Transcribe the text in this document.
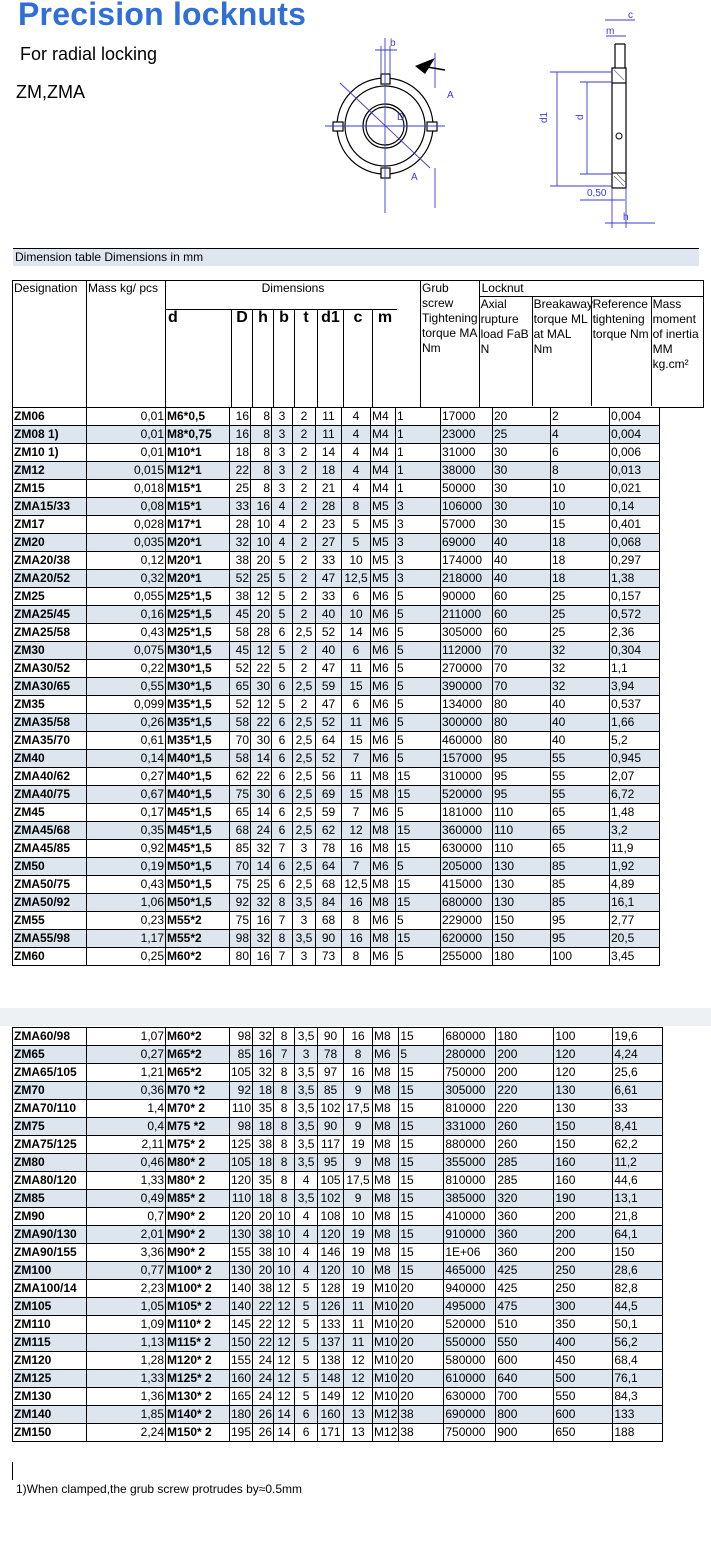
Precision locknuts
For radial locking
ZM,ZMA
b
A
A
D
c
m
d1	d
0,50
h
Dimension table Dimensions in mm
Designation	Mass kg/ pcs	Dimensions
d	D h b t d1 c m
	Grub screw
Tightening torque MA Nm	
Locknut
Axial rupture load FaB N
Breakaway torque ML at MAL Nm
Reference tightening torque Nm
Mass moment of inertia MM kg.cm²
ZM06	0,01	M6*0,5	16	8	3	2	11	4	M4	1	17000	20	2	0,004
ZM08 1)	0,01	M8*0,75	16	8	3	2	11	4	M4	1	23000	25	4	0,004
ZM10 1)	0,01	M10*1	18	8	3	2	14	4	M4	1	31000	30	6	0,006
ZM12	0,015	M12*1	22	8	3	2	18	4	M4	1	38000	30	8	0,013
ZM15	0,018	M15*1	25	8	3	2	21	4	M4	1	50000	30	10	0,021
ZMA15/33	0,08	M15*1	33	16	4	2	28	8	M5	3	106000	30	10	0,14
ZM17	0,028	M17*1	28	10	4	2	23	5	M5	3	57000	30	15	0,401
ZM20	0,035	M20*1	32	10	4	2	27	5	M5	3	69000	40	18	0,068
ZMA20/38	0,12	M20*1	38	20	5	2	33	10	M5	3	174000	40	18	0,297
ZMA20/52	0,32	M20*1	52	25	5	2	47	12,5	M5	3	218000	40	18	1,38
ZM25	0,055	M25*1,5	38	12	5	2	33	6	M6	5	90000	60	25	0,157
ZMA25/45	0,16	M25*1,5	45	20	5	2	40	10	M6	5	211000	60	25	0,572
ZMA25/58	0,43	M25*1,5	58	28	6	2,5	52	14	M6	5	305000	60	25	2,36
ZM30	0,075	M30*1,5	45	12	5	2	40	6	M6	5	112000	70	32	0,304
ZMA30/52	0,22	M30*1,5	52	22	5	2	47	11	M6	5	270000	70	32	1,1
ZMA30/65	0,55	M30*1,5	65	30	6	2,5	59	15	M6	5	390000	70	32	3,94
ZM35	0,099	M35*1,5	52	12	5	2	47	6	M6	5	134000	80	40	0,537
ZMA35/58	0,26	M35*1,5	58	22	6	2,5	52	11	M6	5	300000	80	40	1,66
ZMA35/70	0,61	M35*1,5	70	30	6	2,5	64	15	M6	5	460000	80	40	5,2
ZM40	0,14	M40*1,5	58	14	6	2,5	52	7	M6	5	157000	95	55	0,945
ZMA40/62	0,27	M40*1,5	62	22	6	2,5	56	11	M8	15	310000	95	55	2,07
ZMA40/75	0,67	M40*1,5	75	30	6	2,5	69	15	M8	15	520000	95	55	6,72
ZM45	0,17	M45*1,5	65	14	6	2,5	59	7	M6	5	181000	110	65	1,48
ZMA45/68	0,35	M45*1,5	68	24	6	2,5	62	12	M8	15	360000	110	65	3,2
ZMA45/85	0,92	M45*1,5	85	32	7	3	78	16	M8	15	630000	110	65	11,9
ZM50	0,19	M50*1,5	70	14	6	2,5	64	7	M6	5	205000	130	85	1,92
ZMA50/75	0,43	M50*1,5	75	25	6	2,5	68	12,5	M8	15	415000	130	85	4,89
ZMA50/92	1,06	M50*1,5	92	32	8	3,5	84	16	M8	15	680000	130	85	16,1
ZM55	0,23	M55*2	75	16	7	3	68	8	M6	5	229000	150	95	2,77
ZMA55/98	1,17	M55*2	98	32	8	3,5	90	16	M8	15	620000	150	95	20,5
ZM60	0,25	M60*2	80	16	7	3	73	8	M6	5	255000	180	100	3,45
ZMA60/98	1,07	M60*2	98	32	8	3,5	90	16	M8	15	680000	180	100	19,6
ZM65	0,27	M65*2	85	16	7	3	78	8	M6	5	280000	200	120	4,24
ZMA65/105	1,21	M65*2	105	32	8	3,5	97	16	M8	15	750000	200	120	25,6
ZM70	0,36	M70 *2	92	18	8	3,5	85	9	M8	15	305000	220	130	6,61
ZMA70/110	1,4	M70* 2	110	35	8	3,5	102	17,5	M8	15	810000	220	130	33
ZM75	0,4	M75 *2	98	18	8	3,5	90	9	M8	15	331000	260	150	8,41
ZMA75/125	2,11	M75* 2	125	38	8	3,5	117	19	M8	15	880000	260	150	62,2
ZM80	0,46	M80* 2	105	18	8	3,5	95	9	M8	15	355000	285	160	11,2
ZMA80/120	1,33	M80* 2	120	35	8	4	105	17,5	M8	15	810000	285	160	44,6
ZM85	0,49	M85* 2	110	18	8	3,5	102	9	M8	15	385000	320	190	13,1
ZM90	0,7	M90* 2	120	20	10	4	108	10	M8	15	410000	360	200	21,8
ZMA90/130	2,01	M90* 2	130	38	10	4	120	19	M8	15	910000	360	200	64,1
ZMA90/155	3,36	M90* 2	155	38	10	4	146	19	M8	15	1E+06	360	200	150
ZM100	0,77	M100* 2	130	20	10	4	120	10	M8	15	465000	425	250	28,6
ZMA100/14	2,23	M100* 2	140	38	12	5	128	19	M10	20	940000	425	250	82,8
ZM105	1,05	M105* 2	140	22	12	5	126	11	M10	20	495000	475	300	44,5
ZM110	1,09	M110* 2	145	22	12	5	133	11	M10	20	520000	510	350	50,1
ZM115	1,13	M115* 2	150	22	12	5	137	11	M10	20	550000	550	400	56,2
ZM120	1,28	M120* 2	155	24	12	5	138	12	M10	20	580000	600	450	68,4
ZM125	1,33	M125* 2	160	24	12	5	148	12	M10	20	610000	640	500	76,1
ZM130	1,36	M130* 2	165	24	12	5	149	12	M10	20	630000	700	550	84,3
ZM140	1,85	M140* 2	180	26	14	6	160	13	M12	38	690000	800	600	133
ZM150	2,24	M150* 2	195	26	14	6	171	13	M12	38	750000	900	650	188
1)When clamped,the grub screw protrudes by≈0.5mm
